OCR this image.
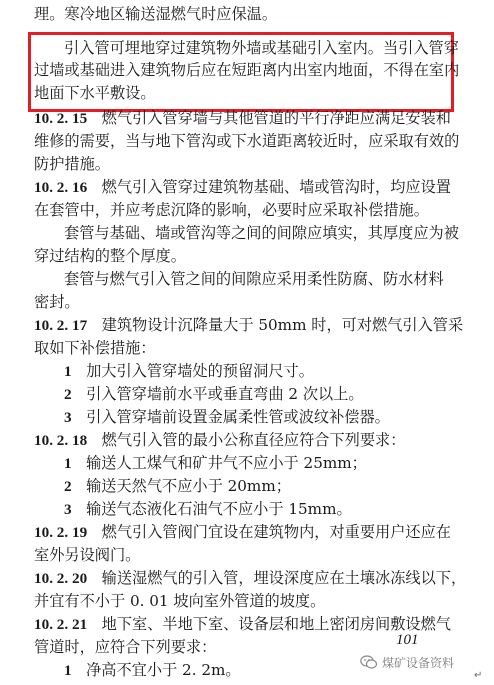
理。寒冷地区输送湿燃气时应保温。
引入管可埋地穿过建筑物外墙或基础引入室内。当引入管穿
过墙或基础进入建筑物后应在短距离内出室内地面，不得在室内
地面下水平敷设。
10. 2. 15 燃气引入管穿墙与其他管道的平行净距应满足安装和
维修的需要，当与地下管沟或下水道距离较近时，应采取有效的
防护措施。
10. 2. 16 燃气引入管穿过建筑物基础、墙或管沟时，均应设置
在套管中，并应考虑沉降的影响，必要时应采取补偿措施。
套管与基础、墙或管沟等之间的间隙应填实，其厚度应为被
穿过结构的整个厚度。
套管与燃气引入管之间的间隙应采用柔性防腐、防水材料
密封。
10. 2. 17 建筑物设计沉降量大于 50mm 时，可对燃气引入管采
取如下补偿措施：
1 加大引入管穿墙处的预留洞尺寸。
2 引入管穿墙前水平或垂直弯曲 2 次以上。
3 引入管穿墙前设置金属柔性管或波纹补偿器。
10. 2. 18 燃气引入管的最小公称直径应符合下列要求：
1 输送人工煤气和矿井气不应小于 25mm；
2 输送天然气不应小于 20mm；
3 输送气态液化石油气不应小于 15mm。
10. 2. 19 燃气引入管阀门宜设在建筑物内，对重要用户还应在
室外另设阀门。
10. 2. 20 输送湿燃气的引入管，埋设深度应在土壤冰冻线以下，
并宜有不小于 0. 01 坡向室外管道的坡度。
10. 2. 21 地下室、半地下室、设备层和地上密闭房间敷设燃气
管道时，应符合下列要求：
1 净高不宜小于 2. 2m。
101
煤矿设备资料
↵
